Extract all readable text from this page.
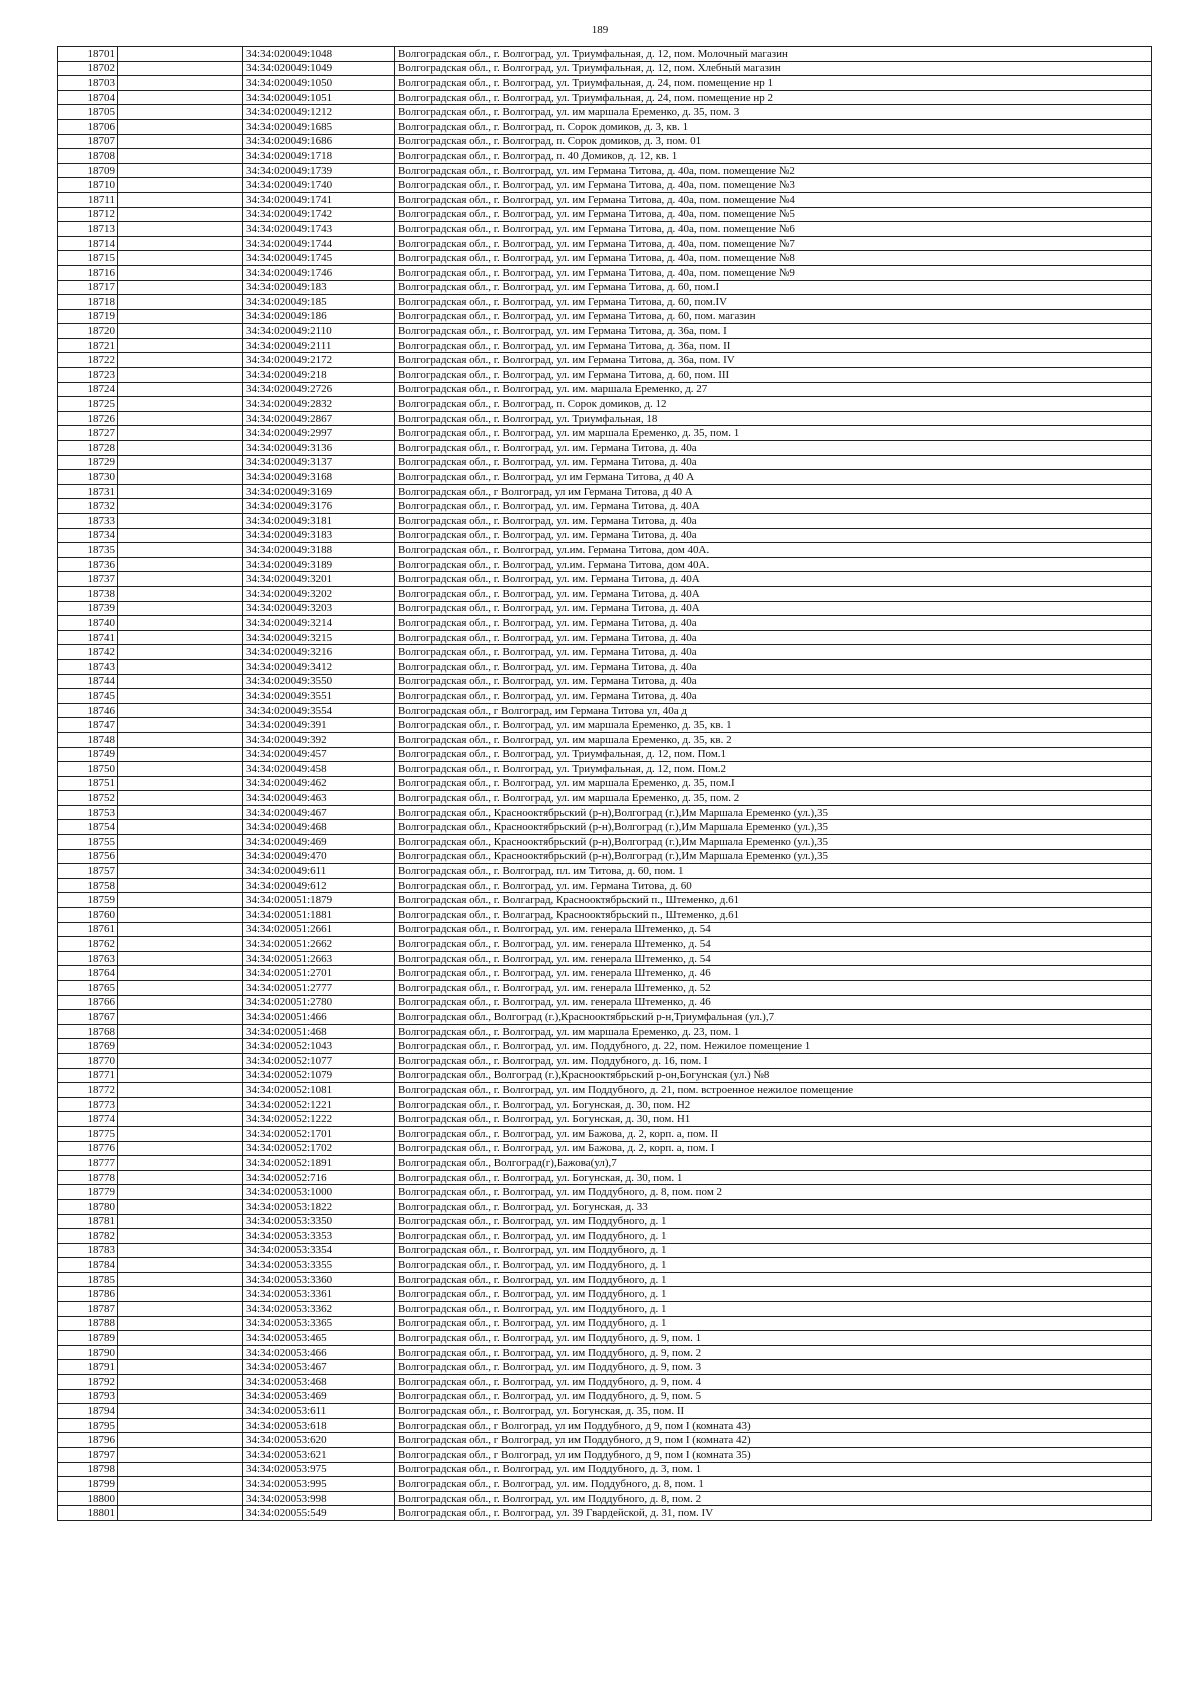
189
18701		34:34:020049:1048	Волгоградская обл., г. Волгоград, ул. Триумфальная, д. 12, пом. Молочный магазин
18702		34:34:020049:1049	Волгоградская обл., г. Волгоград, ул. Триумфальная, д. 12, пом. Хлебный магазин
18703		34:34:020049:1050	Волгоградская обл., г. Волгоград, ул. Триумфальная, д. 24, пом. помещение нр 1
18704		34:34:020049:1051	Волгоградская обл., г. Волгоград, ул. Триумфальная, д. 24, пом. помещение нр 2
18705		34:34:020049:1212	Волгоградская обл., г. Волгоград, ул. им маршала Еременко, д. 35, пом. 3
18706		34:34:020049:1685	Волгоградская обл., г. Волгоград, п. Сорок домиков, д. 3, кв. 1
18707		34:34:020049:1686	Волгоградская обл., г. Волгоград, п. Сорок домиков, д. 3, пом. 01
18708		34:34:020049:1718	Волгоградская обл., г. Волгоград, п. 40 Домиков, д. 12, кв. 1
18709		34:34:020049:1739	Волгоградская обл., г. Волгоград, ул. им Германа Титова, д. 40а, пом. помещение №2
18710		34:34:020049:1740	Волгоградская обл., г. Волгоград, ул. им Германа Титова, д. 40а, пом. помещение №3
18711		34:34:020049:1741	Волгоградская обл., г. Волгоград, ул. им Германа Титова, д. 40а, пом. помещение №4
18712		34:34:020049:1742	Волгоградская обл., г. Волгоград, ул. им Германа Титова, д. 40а, пом. помещение №5
18713		34:34:020049:1743	Волгоградская обл., г. Волгоград, ул. им Германа Титова, д. 40а, пом. помещение №6
18714		34:34:020049:1744	Волгоградская обл., г. Волгоград, ул. им Германа Титова, д. 40а, пом. помещение №7
18715		34:34:020049:1745	Волгоградская обл., г. Волгоград, ул. им Германа Титова, д. 40а, пом. помещение №8
18716		34:34:020049:1746	Волгоградская обл., г. Волгоград, ул. им Германа Титова, д. 40а, пом. помещение №9
18717		34:34:020049:183	Волгоградская обл., г. Волгоград, ул. им Германа Титова, д. 60, пом.I
18718		34:34:020049:185	Волгоградская обл., г. Волгоград, ул. им Германа Титова, д. 60, пом.IV
18719		34:34:020049:186	Волгоградская обл., г. Волгоград, ул. им Германа Титова, д. 60, пом. магазин
18720		34:34:020049:2110	Волгоградская обл., г. Волгоград, ул. им Германа Титова, д. 36а, пом. I
18721		34:34:020049:2111	Волгоградская обл., г. Волгоград, ул. им Германа Титова, д. 36а, пом. II
18722		34:34:020049:2172	Волгоградская обл., г. Волгоград, ул. им Германа Титова, д. 36а, пом. IV
18723		34:34:020049:218	Волгоградская обл., г. Волгоград, ул. им Германа Титова, д. 60, пом. III
18724		34:34:020049:2726	Волгоградская обл., г. Волгоград, ул. им. маршала Еременко, д. 27
18725		34:34:020049:2832	Волгоградская обл., г. Волгоград, п. Сорок домиков, д. 12
18726		34:34:020049:2867	Волгоградская обл., г. Волгоград, ул. Триумфальная, 18
18727		34:34:020049:2997	Волгоградская обл., г. Волгоград, ул. им маршала Еременко, д. 35, пом. 1
18728		34:34:020049:3136	Волгоградская обл., г. Волгоград, ул. им. Германа Титова, д. 40а
18729		34:34:020049:3137	Волгоградская обл., г. Волгоград, ул. им. Германа Титова, д. 40а
18730		34:34:020049:3168	Волгоградская обл., г. Волгоград, ул им Германа Титова, д 40 А
18731		34:34:020049:3169	Волгоградская обл., г Волгоград, ул им Германа Титова, д 40 А
18732		34:34:020049:3176	Волгоградская обл., г. Волгоград, ул. им. Германа Титова, д. 40А
18733		34:34:020049:3181	Волгоградская обл., г. Волгоград, ул. им. Германа Титова, д. 40а
18734		34:34:020049:3183	Волгоградская обл., г. Волгоград, ул. им. Германа Титова, д. 40а
18735		34:34:020049:3188	Волгоградская обл., г. Волгоград, ул.им. Германа Титова, дом 40А.
18736		34:34:020049:3189	Волгоградская обл., г. Волгоград, ул.им. Германа Титова, дом 40А.
18737		34:34:020049:3201	Волгоградская обл., г. Волгоград, ул. им. Германа Титова, д. 40А
18738		34:34:020049:3202	Волгоградская обл., г. Волгоград, ул. им. Германа Титова, д. 40А
18739		34:34:020049:3203	Волгоградская обл., г. Волгоград, ул. им. Германа Титова, д. 40А
18740		34:34:020049:3214	Волгоградская обл., г. Волгоград, ул. им. Германа Титова, д. 40а
18741		34:34:020049:3215	Волгоградская обл., г. Волгоград, ул. им. Германа Титова, д. 40а
18742		34:34:020049:3216	Волгоградская обл., г. Волгоград, ул. им. Германа Титова, д. 40а
18743		34:34:020049:3412	Волгоградская обл., г. Волгоград, ул. им. Германа Титова, д. 40а
18744		34:34:020049:3550	Волгоградская обл., г. Волгоград, ул. им. Германа Титова, д. 40а
18745		34:34:020049:3551	Волгоградская обл., г. Волгоград, ул. им. Германа Титова, д. 40а
18746		34:34:020049:3554	Волгоградская обл., г Волгоград, им Германа Титова ул, 40а д
18747		34:34:020049:391	Волгоградская обл., г. Волгоград, ул. им маршала Еременко, д. 35, кв. 1
18748		34:34:020049:392	Волгоградская обл., г. Волгоград, ул. им маршала Еременко, д. 35, кв. 2
18749		34:34:020049:457	Волгоградская обл., г. Волгоград, ул. Триумфальная, д. 12, пом. Пом.1
18750		34:34:020049:458	Волгоградская обл., г. Волгоград, ул. Триумфальная, д. 12, пом. Пом.2
18751		34:34:020049:462	Волгоградская обл., г. Волгоград, ул. им маршала Еременко, д. 35, пом.I
18752		34:34:020049:463	Волгоградская обл., г. Волгоград, ул. им маршала Еременко, д. 35, пом. 2
18753		34:34:020049:467	Волгоградская обл., Краснооктябрьский (р-н),Волгоград (г.),Им Маршала Еременко (ул.),35
18754		34:34:020049:468	Волгоградская обл., Краснооктябрьский (р-н),Волгоград (г.),Им Маршала Еременко (ул.),35
18755		34:34:020049:469	Волгоградская обл., Краснооктябрьский (р-н),Волгоград (г.),Им Маршала Еременко (ул.),35
18756		34:34:020049:470	Волгоградская обл., Краснооктябрьский (р-н),Волгоград (г.),Им Маршала Еременко (ул.),35
18757		34:34:020049:611	Волгоградская обл., г. Волгоград, пл. им Титова, д. 60, пом. 1
18758		34:34:020049:612	Волгоградская обл., г. Волгоград, ул. им. Германа Титова, д. 60
18759		34:34:020051:1879	Волгоградская обл., г. Волгагрaд, Краснооктябрьский п., Штеменко, д.61
18760		34:34:020051:1881	Волгоградская обл., г. Волгагрaд, Краснооктябрьский п., Штеменко, д.61
18761		34:34:020051:2661	Волгоградская обл., г. Волгоград, ул. им. генерала Штеменко, д. 54
18762		34:34:020051:2662	Волгоградская обл., г. Волгоград, ул. им. генерала Штеменко, д. 54
18763		34:34:020051:2663	Волгоградская обл., г. Волгоград, ул. им. генерала Штеменко, д. 54
18764		34:34:020051:2701	Волгоградская обл., г. Волгоград, ул. им. генерала Штеменко, д. 46
18765		34:34:020051:2777	Волгоградская обл., г. Волгоград, ул. им. генерала Штеменко, д. 52
18766		34:34:020051:2780	Волгоградская обл., г. Волгоград, ул. им. генерала Штеменко, д. 46
18767		34:34:020051:466	Волгоградская обл., Волгоград (г.),Краснооктябрьский р-н,Триумфальная (ул.),7
18768		34:34:020051:468	Волгоградская обл., г. Волгоград, ул. им маршала Еременко, д. 23, пом. 1
18769		34:34:020052:1043	Волгоградская обл., г. Волгоград, ул. им. Поддубного, д. 22, пом. Нежилое помещение 1
18770		34:34:020052:1077	Волгоградская обл., г. Волгоград, ул. им. Поддубного, д. 16, пом. I
18771		34:34:020052:1079	Волгоградская обл., Волгоград (г.),Краснооктябрьский р-он,Богунская (ул.) №8
18772		34:34:020052:1081	Волгоградская обл., г. Волгоград, ул. им Поддубного, д. 21, пом. встроенное нежилое помещение
18773		34:34:020052:1221	Волгоградская обл., г. Волгоград, ул. Богунская, д. 30, пом. Н2
18774		34:34:020052:1222	Волгоградская обл., г. Волгоград, ул. Богунская, д. 30, пом. Н1
18775		34:34:020052:1701	Волгоградская обл., г. Волгоград, ул. им Бажова, д. 2, корп. а, пом. II
18776		34:34:020052:1702	Волгоградская обл., г. Волгоград, ул. им Бажова, д. 2, корп. а, пом. I
18777		34:34:020052:1891	Волгоградская обл., Волгоград(г),Бажова(ул),7
18778		34:34:020052:716	Волгоградская обл., г. Волгоград, ул. Богунская, д. 30, пом. 1
18779		34:34:020053:1000	Волгоградская обл., г. Волгоград, ул. им Поддубного, д. 8, пом. пом 2
18780		34:34:020053:1822	Волгоградская обл., г. Волгоград, ул. Богунская, д. 33
18781		34:34:020053:3350	Волгоградская обл., г. Волгоград, ул. им Поддубного, д. 1
18782		34:34:020053:3353	Волгоградская обл., г. Волгоград, ул. им Поддубного, д. 1
18783		34:34:020053:3354	Волгоградская обл., г. Волгоград, ул. им Поддубного, д. 1
18784		34:34:020053:3355	Волгоградская обл., г. Волгоград, ул. им Поддубного, д. 1
18785		34:34:020053:3360	Волгоградская обл., г. Волгоград, ул. им Поддубного, д. 1
18786		34:34:020053:3361	Волгоградская обл., г. Волгоград, ул. им Поддубного, д. 1
18787		34:34:020053:3362	Волгоградская обл., г. Волгоград, ул. им Поддубного, д. 1
18788		34:34:020053:3365	Волгоградская обл., г. Волгоград, ул. им Поддубного, д. 1
18789		34:34:020053:465	Волгоградская обл., г. Волгоград, ул. им Поддубного, д. 9, пом. 1
18790		34:34:020053:466	Волгоградская обл., г. Волгоград, ул. им Поддубного, д. 9, пом. 2
18791		34:34:020053:467	Волгоградская обл., г. Волгоград, ул. им Поддубного, д. 9, пом. 3
18792		34:34:020053:468	Волгоградская обл., г. Волгоград, ул. им Поддубного, д. 9, пом. 4
18793		34:34:020053:469	Волгоградская обл., г. Волгоград, ул. им Поддубного, д. 9, пом. 5
18794		34:34:020053:611	Волгоградская обл., г. Волгоград, ул. Богунская, д. 35, пом. II
18795		34:34:020053:618	Волгоградская обл., г Волгоград, ул им Поддубного, д 9, пом I (комната 43)
18796		34:34:020053:620	Волгоградская обл., г Волгоград, ул им Поддубного, д 9, пом I (комната 42)
18797		34:34:020053:621	Волгоградская обл., г Волгоград, ул им Поддубного, д 9, пом I (комната 35)
18798		34:34:020053:975	Волгоградская обл., г. Волгоград, ул. им Поддубного, д. 3, пом. 1
18799		34:34:020053:995	Волгоградская обл., г. Волгоград, ул. им. Поддубного, д. 8, пом. 1
18800		34:34:020053:998	Волгоградская обл., г. Волгоград, ул. им Поддубного, д. 8, пом. 2
18801		34:34:020055:549	Волгоградская обл., г. Волгоград, ул. 39 Гвардейской, д. 31, пом. IV
